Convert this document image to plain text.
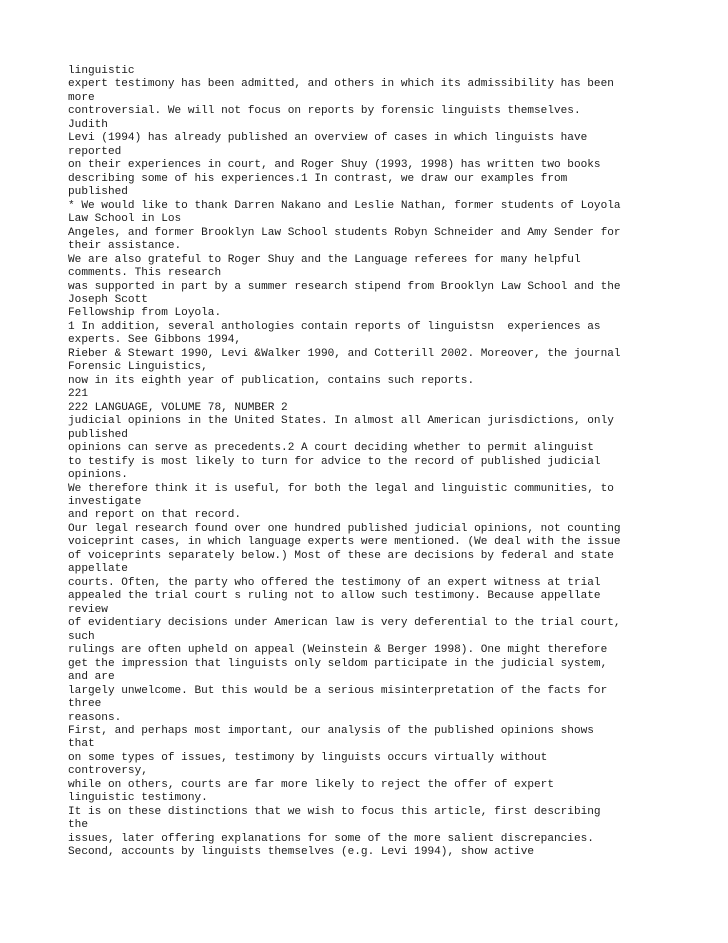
linguistic
expert testimony has been admitted, and others in which its admissibility has been
more
controversial. We will not focus on reports by forensic linguists themselves.
Judith
Levi (1994) has already published an overview of cases in which linguists have
reported
on their experiences in court, and Roger Shuy (1993, 1998) has written two books
describing some of his experiences.1 In contrast, we draw our examples from
published
* We would like to thank Darren Nakano and Leslie Nathan, former students of Loyola
Law School in Los
Angeles, and former Brooklyn Law School students Robyn Schneider and Amy Sender for
their assistance.
We are also grateful to Roger Shuy and the Language referees for many helpful
comments. This research
was supported in part by a summer research stipend from Brooklyn Law School and the
Joseph Scott
Fellowship from Loyola.
1 In addition, several anthologies contain reports of linguistsn  experiences as
experts. See Gibbons 1994,
Rieber & Stewart 1990, Levi &Walker 1990, and Cotterill 2002. Moreover, the journal
Forensic Linguistics,
now in its eighth year of publication, contains such reports.
221
222 LANGUAGE, VOLUME 78, NUMBER 2
judicial opinions in the United States. In almost all American jurisdictions, only
published
opinions can serve as precedents.2 A court deciding whether to permit alinguist
to testify is most likely to turn for advice to the record of published judicial
opinions.
We therefore think it is useful, for both the legal and linguistic communities, to
investigate
and report on that record.
Our legal research found over one hundred published judicial opinions, not counting
voiceprint cases, in which language experts were mentioned. (We deal with the issue
of voiceprints separately below.) Most of these are decisions by federal and state
appellate
courts. Often, the party who offered the testimony of an expert witness at trial
appealed the trial court s ruling not to allow such testimony. Because appellate
review
of evidentiary decisions under American law is very deferential to the trial court,
such
rulings are often upheld on appeal (Weinstein & Berger 1998). One might therefore
get the impression that linguists only seldom participate in the judicial system,
and are
largely unwelcome. But this would be a serious misinterpretation of the facts for
three
reasons.
First, and perhaps most important, our analysis of the published opinions shows
that
on some types of issues, testimony by linguists occurs virtually without
controversy,
while on others, courts are far more likely to reject the offer of expert
linguistic testimony.
It is on these distinctions that we wish to focus this article, first describing
the
issues, later offering explanations for some of the more salient discrepancies.
Second, accounts by linguists themselves (e.g. Levi 1994), show active
